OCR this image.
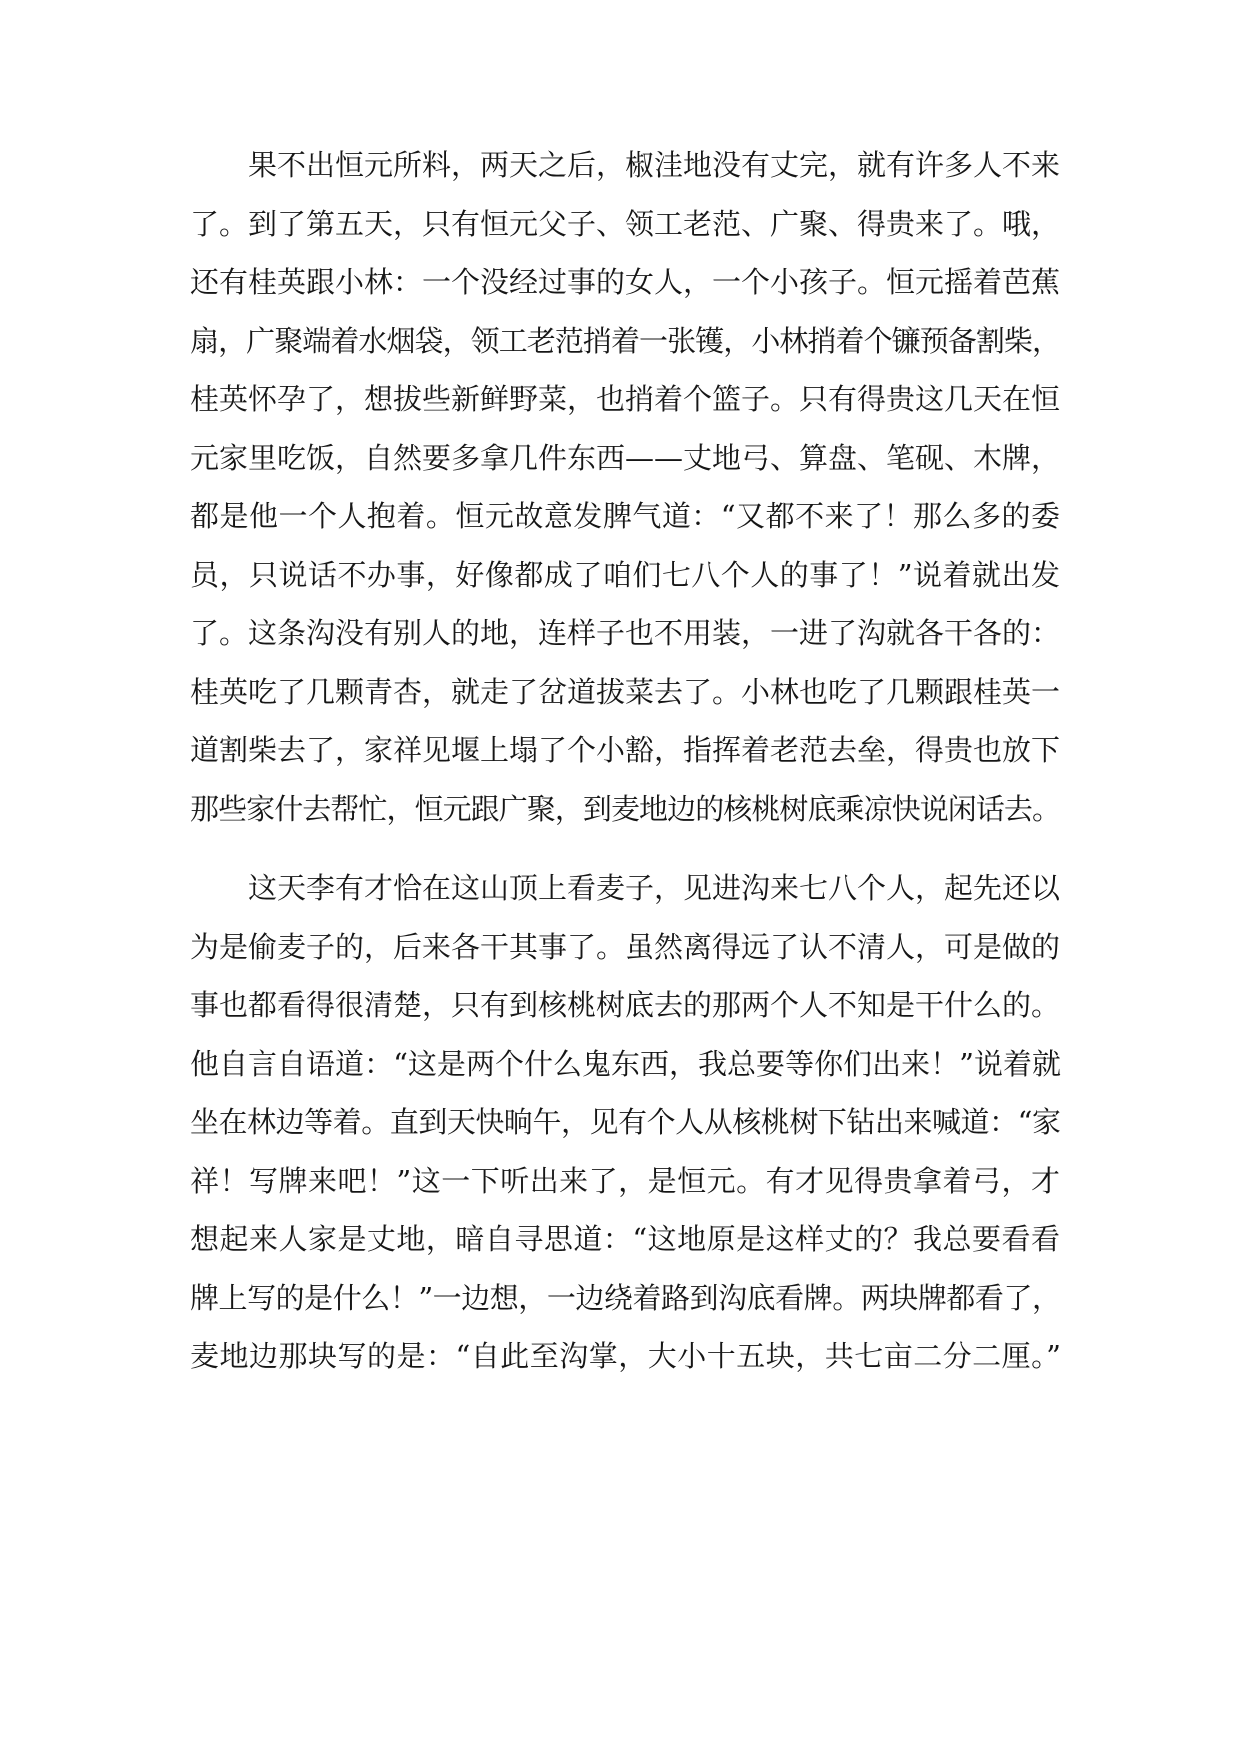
果不出恒元所料，两天之后，椒洼地没有丈完，就有许多人不来
了。到了第五天，只有恒元父子、领工老范、广聚、得贵来了。哦，
还有桂英跟小林：一个没经过事的女人，一个小孩子。恒元摇着芭蕉
扇，广聚端着水烟袋，领工老范捎着一张镬，小林捎着个镰预备割柴，
桂英怀孕了，想拔些新鲜野菜，也捎着个篮子。只有得贵这几天在恒
元家里吃饭，自然要多拿几件东西——丈地弓、算盘、笔砚、木牌，
都是他一个人抱着。恒元故意发脾气道：“又都不来了！那么多的委
员，只说话不办事，好像都成了咱们七八个人的事了！”说着就出发
了。这条沟没有别人的地，连样子也不用装，一进了沟就各干各的：
桂英吃了几颗青杏，就走了岔道拔菜去了。小林也吃了几颗跟桂英一
道割柴去了，家祥见堰上塌了个小豁，指挥着老范去垒，得贵也放下
那些家什去帮忙，恒元跟广聚，到麦地边的核桃树底乘凉快说闲话去。
这天李有才恰在这山顶上看麦子，见进沟来七八个人，起先还以
为是偷麦子的，后来各干其事了。虽然离得远了认不清人，可是做的
事也都看得很清楚，只有到核桃树底去的那两个人不知是干什么的。
他自言自语道：“这是两个什么鬼东西，我总要等你们出来！”说着就
坐在林边等着。直到天快晌午，见有个人从核桃树下钻出来喊道：“家
祥！写牌来吧！”这一下听出来了，是恒元。有才见得贵拿着弓，才
想起来人家是丈地，暗自寻思道：“这地原是这样丈的？我总要看看
牌上写的是什么！”一边想，一边绕着路到沟底看牌。两块牌都看了，
麦地边那块写的是：“自此至沟掌，大小十五块，共七亩二分二厘。”
